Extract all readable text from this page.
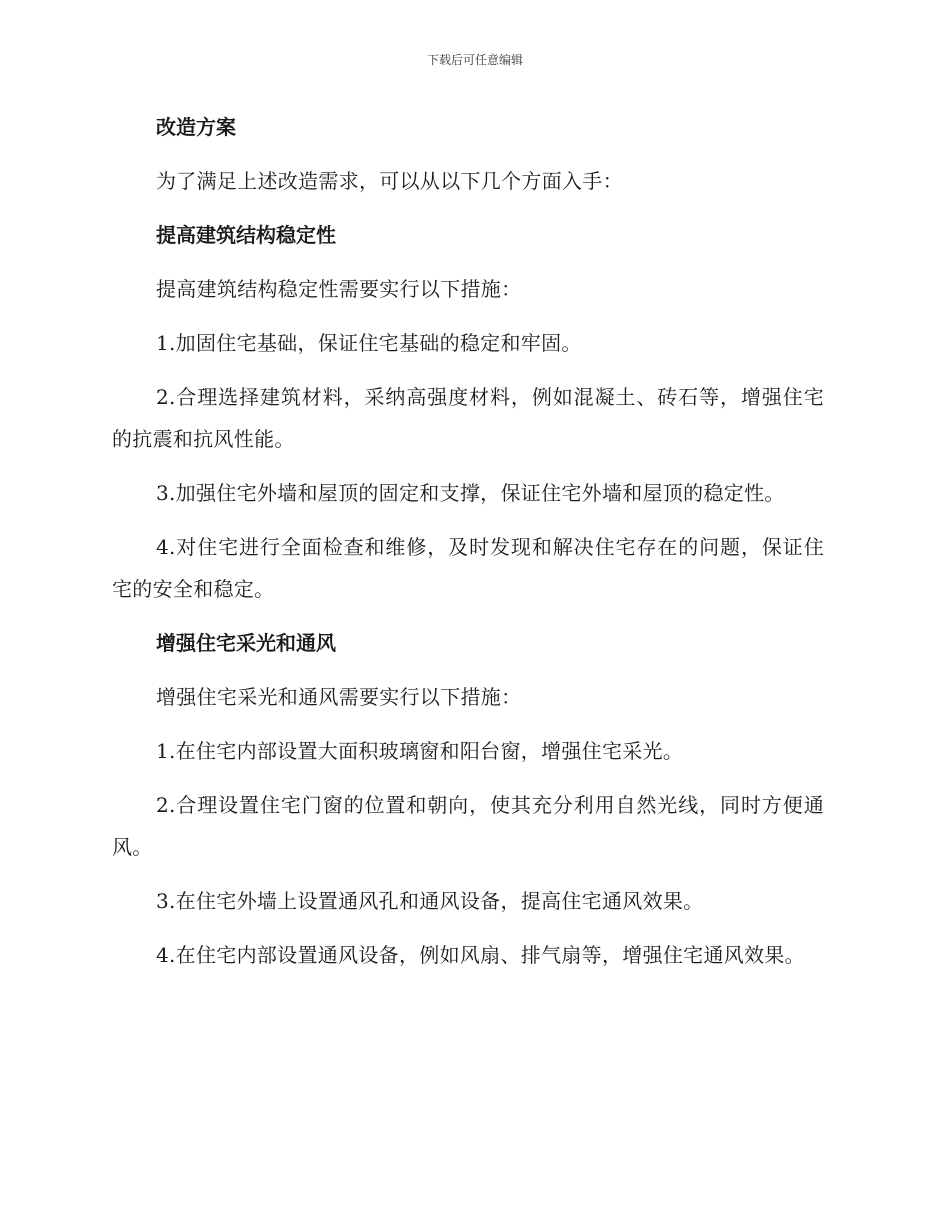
下载后可任意编辑

改造方案

为了满足上述改造需求，可以从以下几个方面入手：

提高建筑结构稳定性

提高建筑结构稳定性需要实行以下措施：

1.加固住宅基础，保证住宅基础的稳定和牢固。

2.合理选择建筑材料，采纳高强度材料，例如混凝土、砖石等，增强住宅的抗震和抗风性能。

3.加强住宅外墙和屋顶的固定和支撑，保证住宅外墙和屋顶的稳定性。

4.对住宅进行全面检查和维修，及时发现和解决住宅存在的问题，保证住宅的安全和稳定。

增强住宅采光和通风

增强住宅采光和通风需要实行以下措施：

1.在住宅内部设置大面积玻璃窗和阳台窗，增强住宅采光。

2.合理设置住宅门窗的位置和朝向，使其充分利用自然光线，同时方便通风。

3.在住宅外墙上设置通风孔和通风设备，提高住宅通风效果。

4.在住宅内部设置通风设备，例如风扇、排气扇等，增强住宅通风效果。
